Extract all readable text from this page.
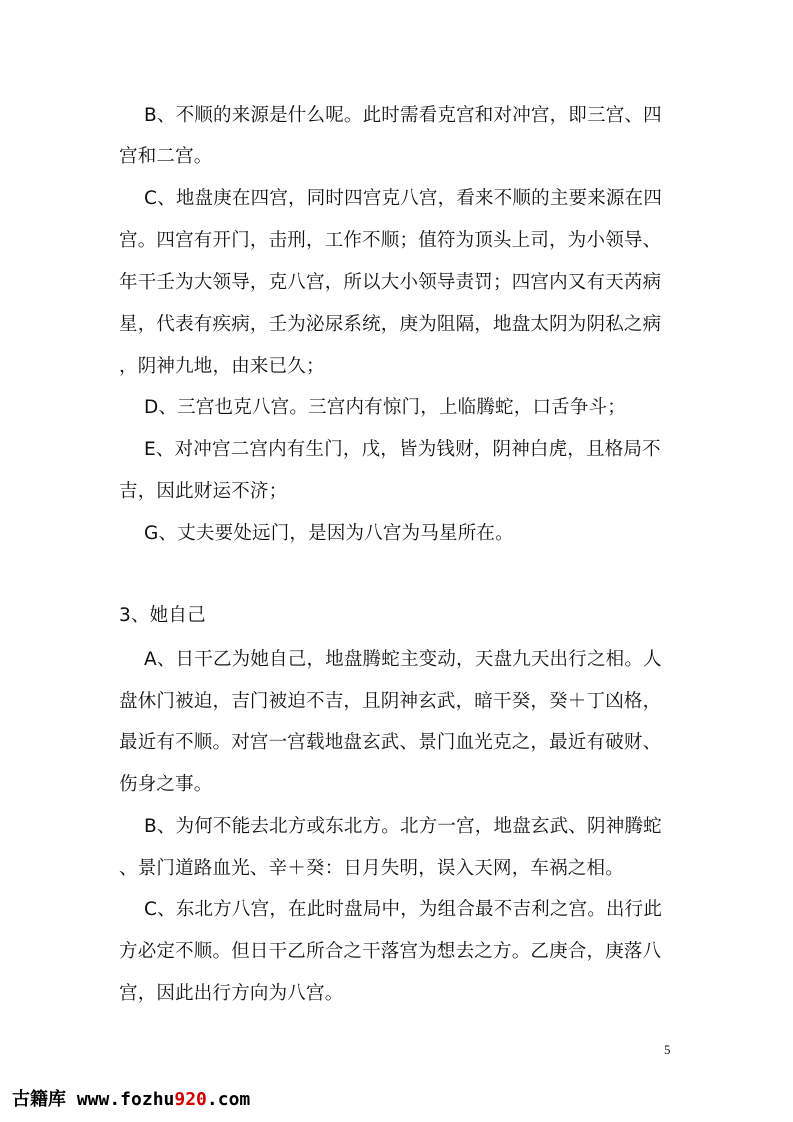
B、不顺的来源是什么呢。此时需看克宫和对冲宫，即三宫、四
宫和二宫。
C、地盘庚在四宫，同时四宫克八宫，看来不顺的主要来源在四
宫。四宫有开门，击刑，工作不顺；值符为顶头上司，为小领导、
年干壬为大领导，克八宫，所以大小领导责罚；四宫内又有天芮病
星，代表有疾病，壬为泌尿系统，庚为阻隔，地盘太阴为阴私之病
，阴神九地，由来已久；
D、三宫也克八宫。三宫内有惊门，上临腾蛇，口舌争斗；
E、对冲宫二宫内有生门，戊，皆为钱财，阴神白虎，且格局不
吉，因此财运不济；
G、丈夫要处远门，是因为八宫为马星所在。
3、她自己
A、日干乙为她自己，地盘腾蛇主变动，天盘九天出行之相。人
盘休门被迫，吉门被迫不吉，且阴神玄武，暗干癸，癸＋丁凶格，
最近有不顺。对宫一宫载地盘玄武、景门血光克之，最近有破财、
伤身之事。
B、为何不能去北方或东北方。北方一宫，地盘玄武、阴神腾蛇
、景门道路血光、辛＋癸：日月失明，误入天网，车祸之相。
C、东北方八宫，在此时盘局中，为组合最不吉利之宫。出行此
方必定不顺。但日干乙所合之干落宫为想去之方。乙庚合，庚落八
宫，因此出行方向为八宫。
5
古籍库 www.fozhu920.com
